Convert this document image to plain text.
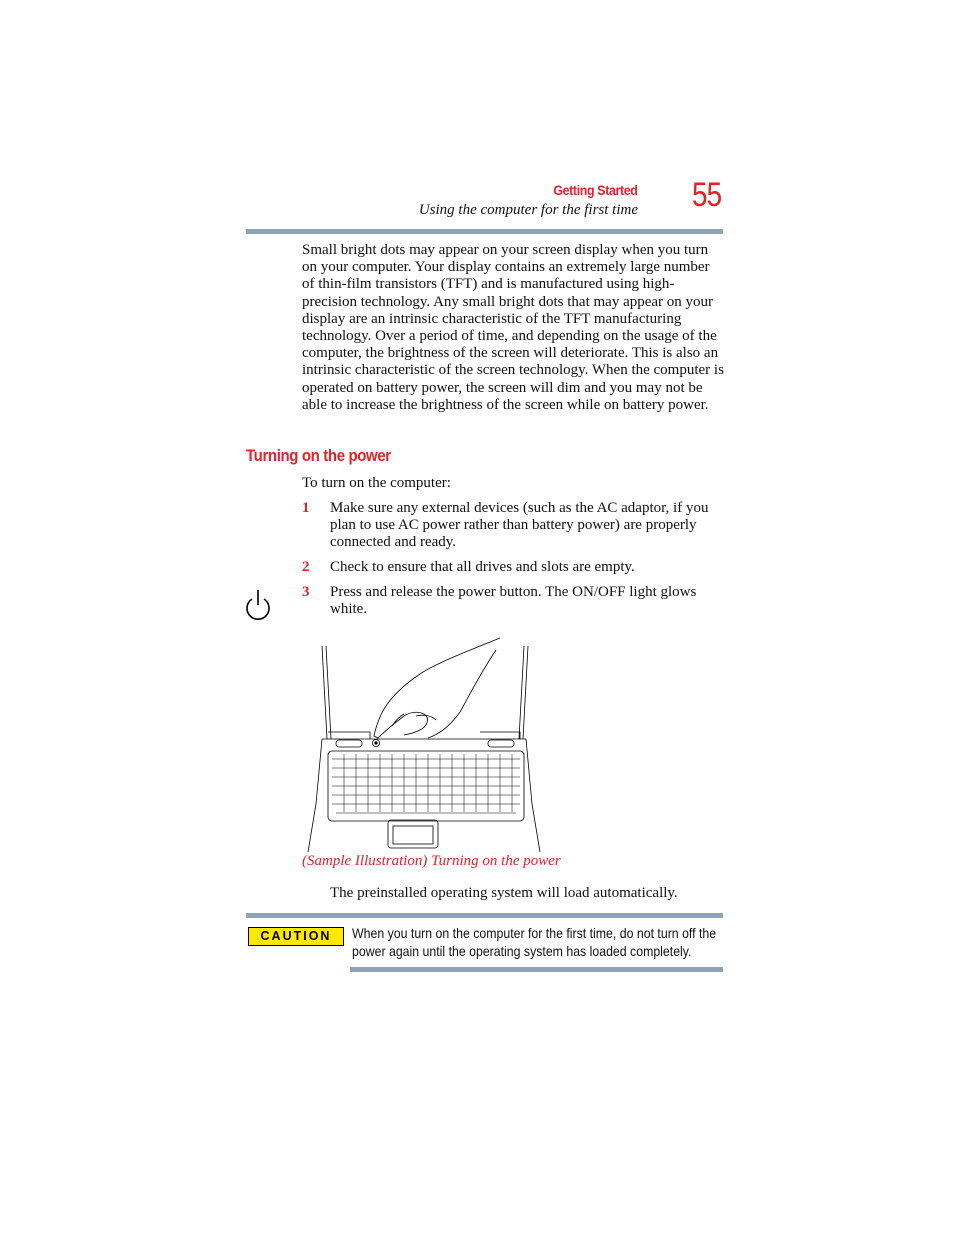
Getting Started
Using the computer for the first time 55
Small bright dots may appear on your screen display when you turn on your computer. Your display contains an extremely large number of thin-film transistors (TFT) and is manufactured using high-precision technology. Any small bright dots that may appear on your display are an intrinsic characteristic of the TFT manufacturing technology. Over a period of time, and depending on the usage of the computer, the brightness of the screen will deteriorate. This is also an intrinsic characteristic of the screen technology. When the computer is operated on battery power, the screen will dim and you may not be able to increase the brightness of the screen while on battery power.
Turning on the power
To turn on the computer:
1 Make sure any external devices (such as the AC adaptor, if you plan to use AC power rather than battery power) are properly connected and ready.
2 Check to ensure that all drives and slots are empty.
3 Press and release the power button. The ON/OFF light glows white.
(Sample Illustration) Turning on the power
The preinstalled operating system will load automatically.
CAUTION	When you turn on the computer for the first time, do not turn off the power again until the operating system has loaded completely.
